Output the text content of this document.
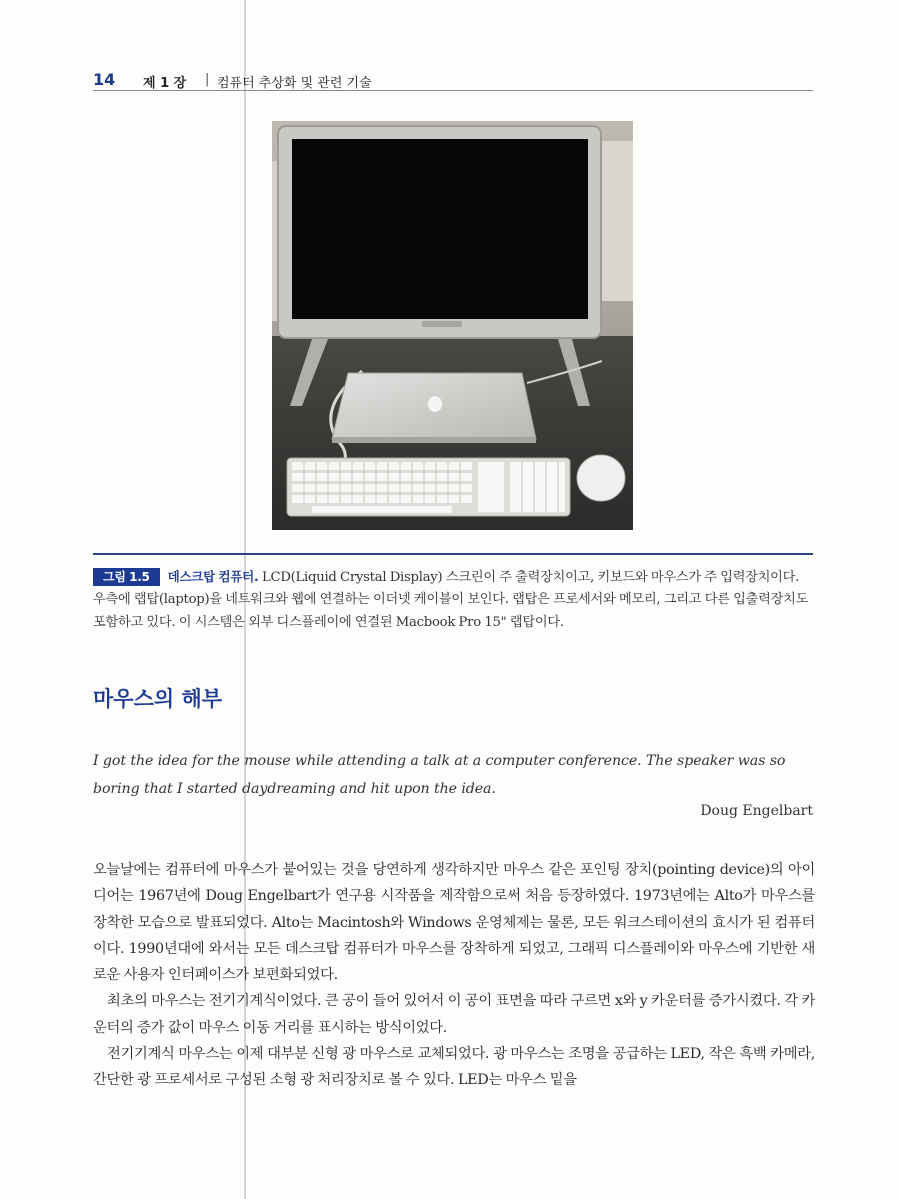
14 제 1 장 | 컴퓨터 추상화 및 관련 기술
그림 1.5 데스크탑 컴퓨터. LCD(Liquid Crystal Display) 스크린이 주 출력장치이고, 키보드와 마우스가 주 입력장치이다. 우측에 랩탑(laptop)을 네트워크와 웹에 연결하는 이더넷 케이블이 보인다. 랩탑은 프로세서와 메모리, 그리고 다른 입출력장치도 포함하고 있다. 이 시스템은 외부 디스플레이에 연결된 Macbook Pro 15" 랩탑이다.
마우스의 해부
I got the idea for the mouse while attending a talk at a computer conference. The speaker was so boring that I started daydreaming and hit upon the idea.
Doug Engelbart

오늘날에는 컴퓨터에 마우스가 붙어있는 것을 당연하게 생각하지만 마우스 같은 포인팅 장치(pointing device)의 아이디어는 1967년에 Doug Engelbart가 연구용 시작품을 제작함으로써 처음 등장하였다. 1973년에는 Alto가 마우스를 장착한 모습으로 발표되었다. Alto는 Macintosh와 Windows 운영체제는 물론, 모든 워크스테이션의 효시가 된 컴퓨터이다. 1990년대에 와서는 모든 데스크탑 컴퓨터가 마우스를 장착하게 되었고, 그래픽 디스플레이와 마우스에 기반한 새로운 사용자 인터페이스가 보편화되었다.

최초의 마우스는 전기기계식이었다. 큰 공이 들어 있어서 이 공이 표면을 따라 구르면 x와 y 카운터를 증가시켰다. 각 카운터의 증가 값이 마우스 이동 거리를 표시하는 방식이었다.

전기기계식 마우스는 이제 대부분 신형 광 마우스로 교체되었다. 광 마우스는 조명을 공급하는 LED, 작은 흑백 카메라, 간단한 광 프로세서로 구성된 소형 광 처리장치로 볼 수 있다. LED는 마우스 밑을
